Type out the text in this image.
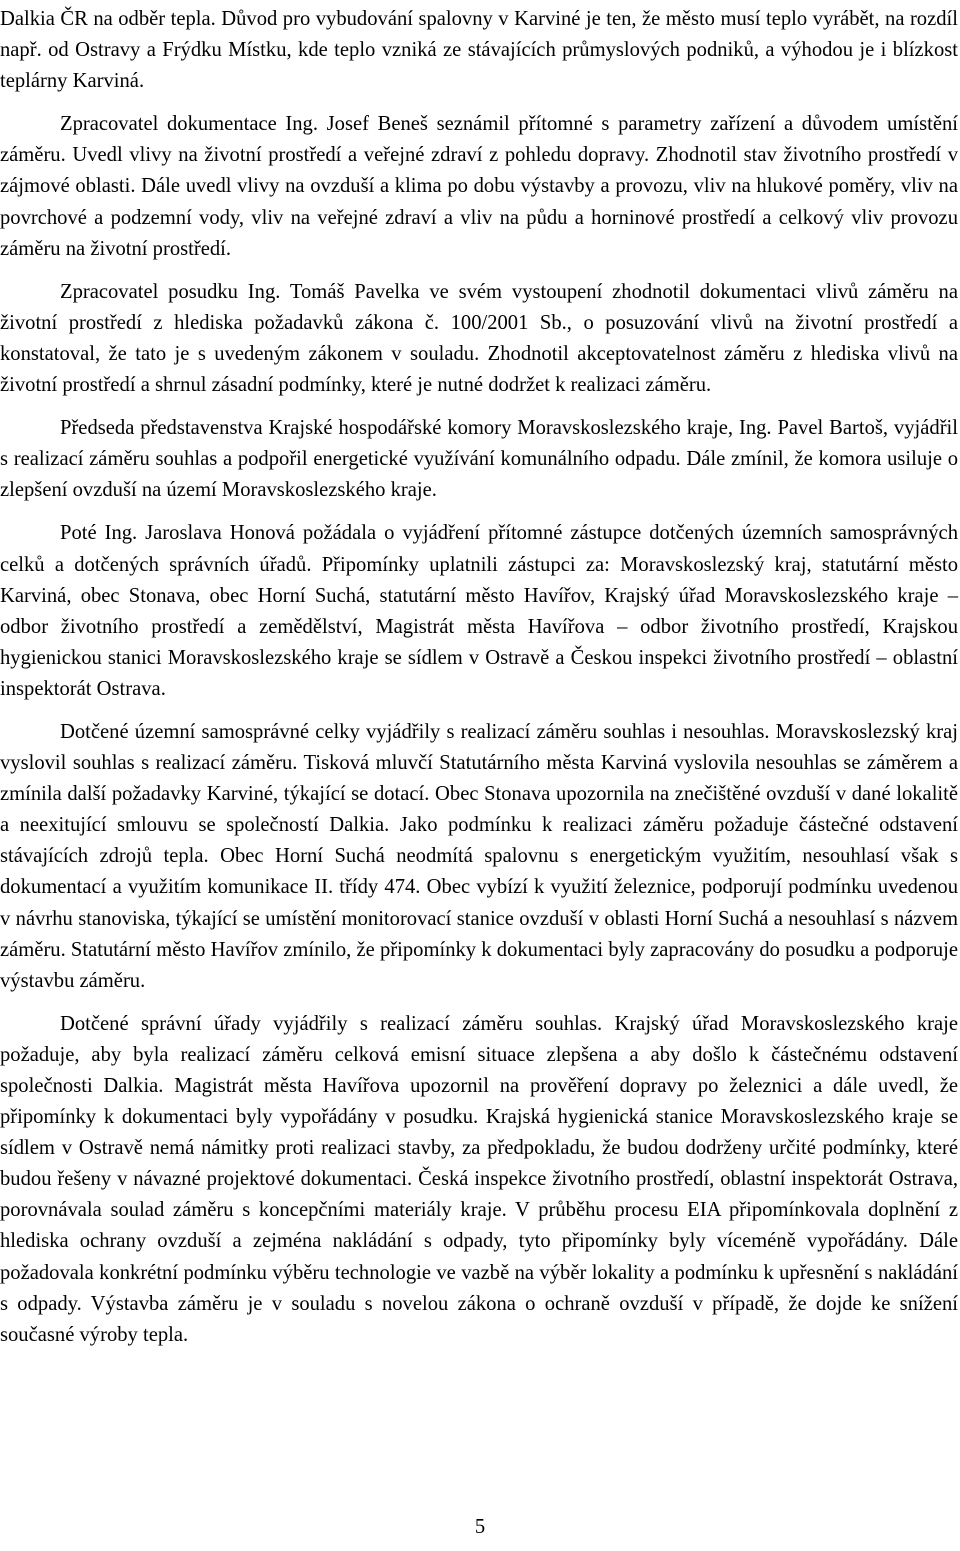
Dalkia ČR na odběr tepla. Důvod pro vybudování spalovny v Karviné je ten, že město musí teplo vyrábět, na rozdíl např. od Ostravy a Frýdku Místku, kde teplo vzniká ze stávajících průmyslových podniků, a výhodou je i blízkost teplárny Karviná.

Zpracovatel dokumentace Ing. Josef Beneš seznámil přítomné s parametry zařízení a důvodem umístění záměru. Uvedl vlivy na životní prostředí a veřejné zdraví z pohledu dopravy. Zhodnotil stav životního prostředí v zájmové oblasti. Dále uvedl vlivy na ovzduší a klima po dobu výstavby a provozu, vliv na hlukové poměry, vliv na povrchové a podzemní vody, vliv na veřejné zdraví a vliv na půdu a horninové prostředí a celkový vliv provozu záměru na životní prostředí.

Zpracovatel posudku Ing. Tomáš Pavelka ve svém vystoupení zhodnotil dokumentaci vlivů záměru na životní prostředí z hlediska požadavků zákona č. 100/2001 Sb., o posuzování vlivů na životní prostředí a konstatoval, že tato je s uvedeným zákonem v souladu. Zhodnotil akceptovatelnost záměru z hlediska vlivů na životní prostředí a shrnul zásadní podmínky, které je nutné dodržet k realizaci záměru.

Předseda představenstva Krajské hospodářské komory Moravskoslezského kraje, Ing. Pavel Bartoš, vyjádřil s realizací záměru souhlas a podpořil energetické využívání komunálního odpadu. Dále zmínil, že komora usiluje o zlepšení ovzduší na území Moravskoslezského kraje.

Poté Ing. Jaroslava Honová požádala o vyjádření přítomné zástupce dotčených územních samosprávných celků a dotčených správních úřadů. Připomínky uplatnili zástupci za: Moravskoslezský kraj, statutární město Karviná, obec Stonava, obec Horní Suchá, statutární město Havířov, Krajský úřad Moravskoslezského kraje – odbor životního prostředí a zemědělství, Magistrát města Havířova – odbor životního prostředí, Krajskou hygienickou stanici Moravskoslezského kraje se sídlem v Ostravě a Českou inspekci životního prostředí – oblastní inspektorát Ostrava.

Dotčené územní samosprávné celky vyjádřily s realizací záměru souhlas i nesouhlas. Moravskoslezský kraj vyslovil souhlas s realizací záměru. Tisková mluvčí Statutárního města Karviná vyslovila nesouhlas se záměrem a zmínila další požadavky Karviné, týkající se dotací. Obec Stonava upozornila na znečištěné ovzduší v dané lokalitě a neexitující smlouvu se společností Dalkia. Jako podmínku k realizaci záměru požaduje částečné odstavení stávajících zdrojů tepla. Obec Horní Suchá neodmítá spalovnu s energetickým využitím, nesouhlasí však s dokumentací a využitím komunikace II. třídy 474. Obec vybízí k využití železnice, podporují podmínku uvedenou v návrhu stanoviska, týkající se umístění monitorovací stanice ovzduší v oblasti Horní Suchá a nesouhlasí s názvem záměru. Statutární město Havířov zmínilo, že připomínky k dokumentaci byly zapracovány do posudku a podporuje výstavbu záměru.

Dotčené správní úřady vyjádřily s realizací záměru souhlas. Krajský úřad Moravskoslezského kraje požaduje, aby byla realizací záměru celková emisní situace zlepšena a aby došlo k částečnému odstavení společnosti Dalkia. Magistrát města Havířova upozornil na prověření dopravy po železnici a dále uvedl, že připomínky k dokumentaci byly vypořádány v posudku. Krajská hygienická stanice Moravskoslezského kraje se sídlem v Ostravě nemá námitky proti realizaci stavby, za předpokladu, že budou dodrženy určité podmínky, které budou řešeny v návazné projektové dokumentaci. Česká inspekce životního prostředí, oblastní inspektorát Ostrava, porovnávala soulad záměru s koncepčními materiály kraje. V průběhu procesu EIA připomínkovala doplnění z hlediska ochrany ovzduší a zejména nakládání s odpady, tyto připomínky byly víceméně vypořádány. Dále požadovala konkrétní podmínku výběru technologie ve vazbě na výběr lokality a podmínku k upřesnění s nakládání s odpady. Výstavba záměru je v souladu s novelou zákona o ochraně ovzduší v případě, že dojde ke snížení současné výroby tepla.

5
